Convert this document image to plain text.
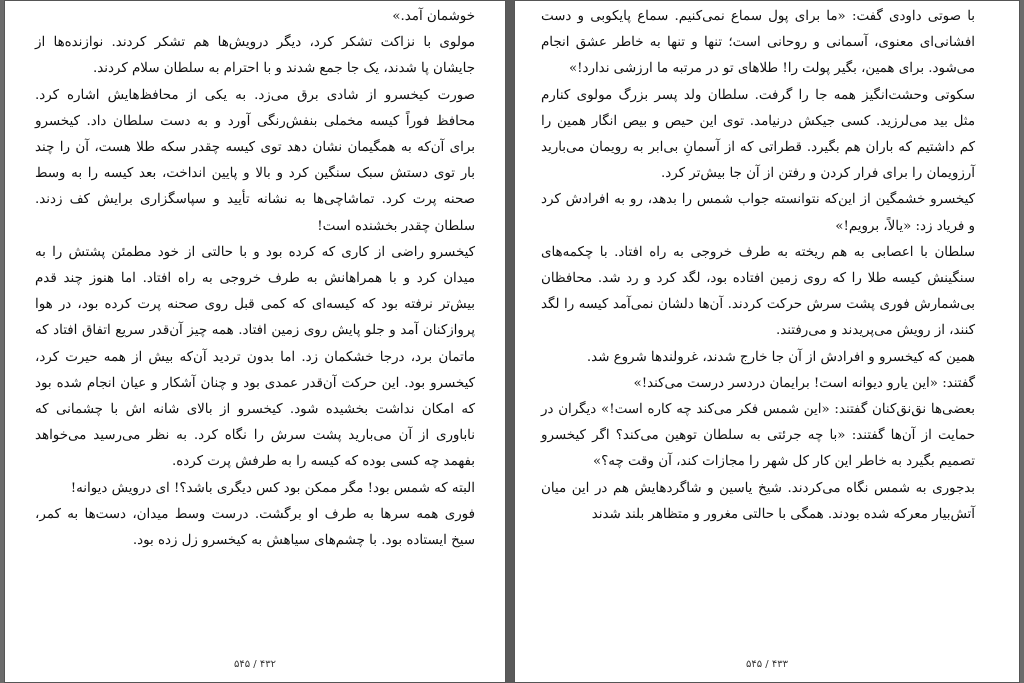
خوشمان آمد.»

مولوی با نزاکت تشکر کرد، دیگر درویش‌ها هم تشکر کردند. نوازنده‌ها از جایشان پا شدند، یک جا جمع شدند و با احترام به سلطان سلام کردند.

صورت کیخسرو از شادی برق می‌زد. به یکی از محافظ‌هایش اشاره کرد. محافظ فوراً کیسه مخملی بنفش‌رنگی آورد و به دست سلطان داد. کیخسرو برای آن‌که به همگیمان نشان دهد توی کیسه چقدر سکه طلا هست، آن را چند بار توی دستش سبک سنگین کرد و بالا و پایین انداخت، بعد کیسه را به وسط صحنه پرت کرد. تماشاچی‌ها به نشانه تأیید و سپاسگزاری برایش کف زدند. سلطان چقدر بخشنده است!

کیخسرو راضی از کاری که کرده بود و با حالتی از خود مطمئن پشتش را به میدان کرد و با همراهانش به طرف خروجی به راه افتاد. اما هنوز چند قدم بیش‌تر نرفته بود که کیسه‌ای که کمی قبل روی صحنه پرت کرده بود، در هوا پروازکنان آمد و جلو پایش روی زمین افتاد. همه چیز آن‌قدر سریع اتفاق افتاد که ماتمان برد، درجا خشکمان زد. اما بدون تردید آن‌که بیش از همه حیرت کرد، کیخسرو بود. این حرکت آن‌قدر عمدی بود و چنان آشکار و عیان انجام شده بود که امکان نداشت بخشیده شود. کیخسرو از بالای شانه اش با چشمانی که ناباوری از آن می‌بارید پشت سرش را نگاه کرد. به نظر می‌رسید می‌خواهد بفهمد چه کسی بوده که کیسه را به طرفش پرت کرده.

البته که شمس بود! مگر ممکن بود کس دیگری باشد؟! ای درویش دیوانه!

فوری همه سرها به طرف او برگشت. درست وسط میدان، دست‌ها به کمر، سیخ ایستاده بود. با چشم‌های سیاهش به کیخسرو زل زده بود.

۵۴۵ / ۴۳۲

با صوتی داودی گفت: «ما برای پول سماع نمی‌کنیم. سماع پایکوبی و دست افشانی‌ای معنوی، آسمانی و روحانی است؛ تنها و تنها به خاطر عشق انجام می‌شود. برای همین، بگیر پولت را! طلاهای تو در مرتبه ما ارزشی ندارد!»

سکوتی وحشت‌انگیز همه جا را گرفت. سلطان ولد پسر بزرگ مولوی کنارم مثل بید می‌لرزید. کسی جیکش درنیامد. توی این حیص و بیص انگار همین را کم داشتیم که باران هم بگیرد. قطراتی که از آسمانِ بی‌ابر به رویمان می‌بارید آرزویمان را برای فرار کردن و رفتن از آن جا بیش‌تر کرد.

کیخسرو خشمگین از این‌که نتوانسته جواب شمس را بدهد، رو به افرادش کرد و فریاد زد: «یالاً، برویم!»

سلطان با اعصابی به هم ریخته به طرف خروجی به راه افتاد. با چکمه‌های سنگینش کیسه طلا را که روی زمین افتاده بود، لگد کرد و رد شد. محافظان بی‌شمارش فوری پشت سرش حرکت کردند. آن‌ها دلشان نمی‌آمد کیسه را لگد کنند، از رویش می‌پریدند و می‌رفتند.

همین که کیخسرو و افرادش از آن جا خارج شدند، غرولندها شروع شد.

گفتند: «این یارو دیوانه است! برایمان دردسر درست می‌کند!»

بعضی‌ها نق‌نق‌کنان گفتند: «این شمس فکر می‌کند چه کاره است!» دیگران در حمایت از آن‌ها گفتند: «با چه جرئتی به سلطان توهین می‌کند؟ اگر کیخسرو تصمیم بگیرد به خاطر این کار کل شهر را مجازات کند، آن وقت چه؟»

بدجوری به شمس نگاه می‌کردند. شیخ یاسین و شاگردهایش هم در این میان آتش‌بیار معرکه شده بودند. همگی با حالتی مغرور و متظاهر بلند شدند

۵۴۵ / ۴۳۳
